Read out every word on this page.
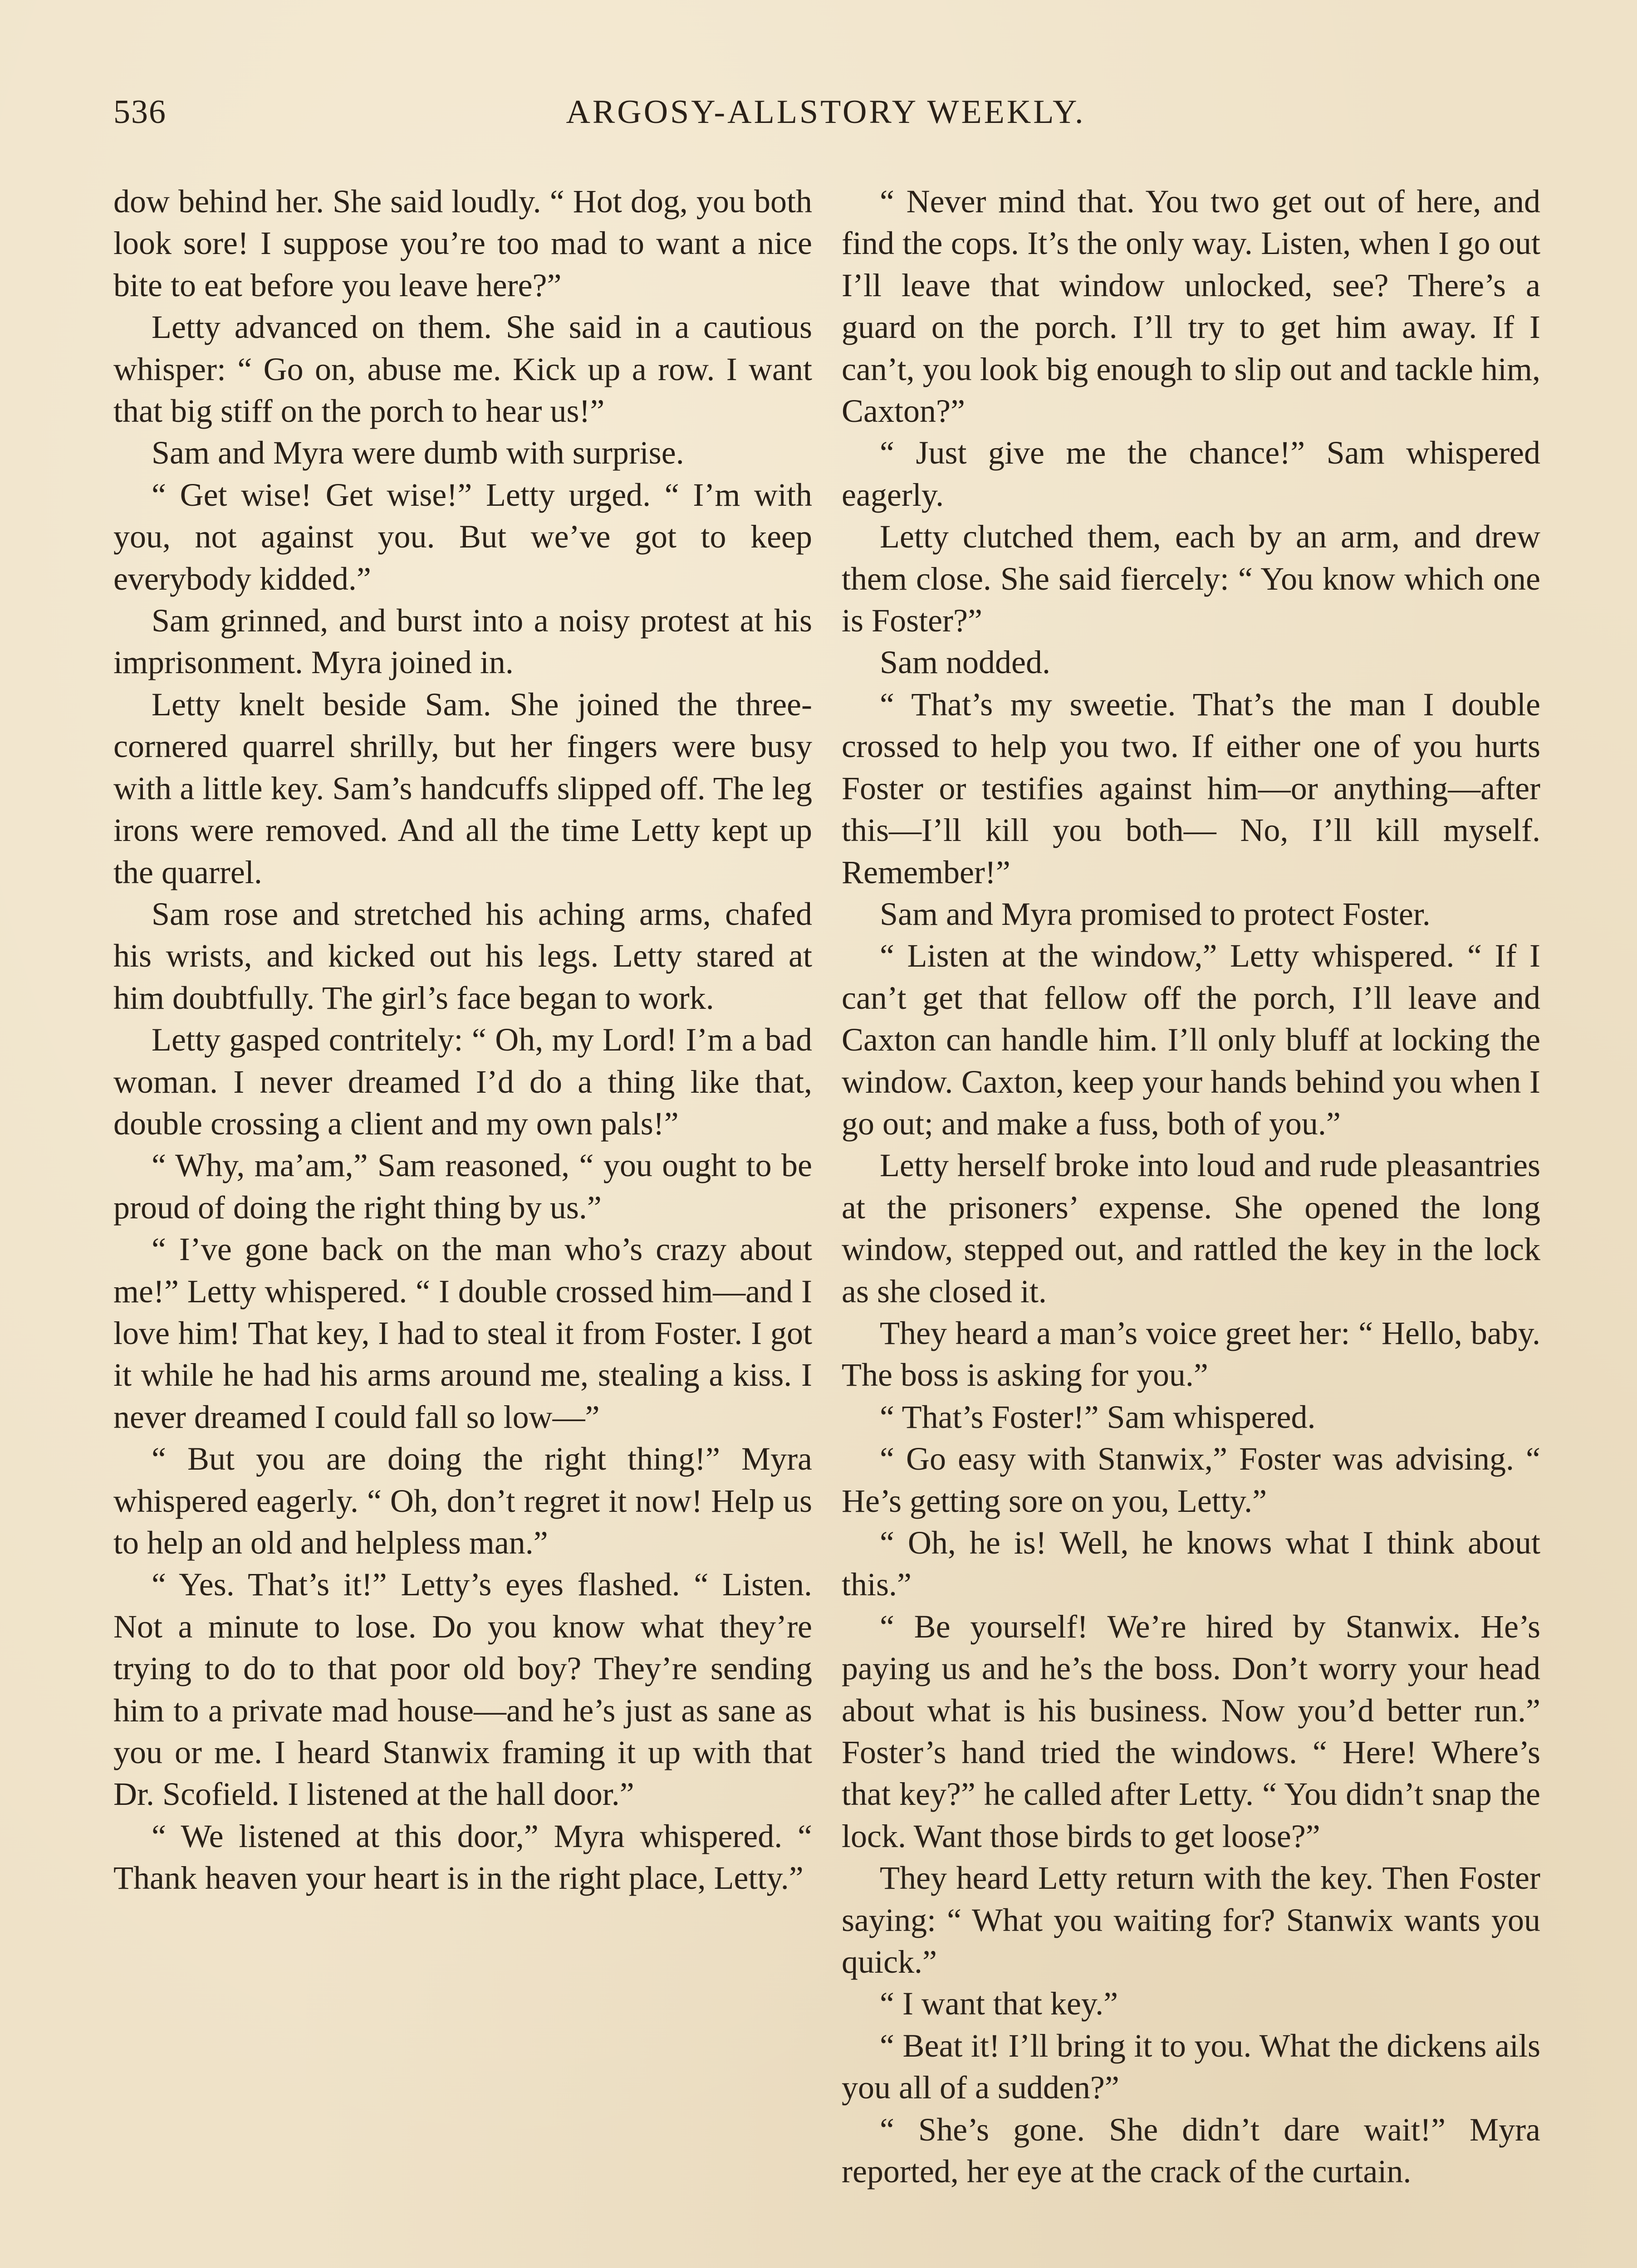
536	ARGOSY-ALLSTORY WEEKLY.

dow behind her. She said loudly. “ Hot dog, you both look sore! I suppose you’re too mad to want a nice bite to eat before you leave here?”

Letty advanced on them. She said in a cautious whisper: “ Go on, abuse me. Kick up a row. I want that big stiff on the porch to hear us!”

Sam and Myra were dumb with surprise.

“ Get wise! Get wise!” Letty urged. “ I’m with you, not against you. But we’ve got to keep everybody kidded.”

Sam grinned, and burst into a noisy protest at his imprisonment. Myra joined in.

Letty knelt beside Sam. She joined the three-cornered quarrel shrilly, but her fingers were busy with a little key. Sam’s handcuffs slipped off. The leg irons were removed. And all the time Letty kept up the quarrel.

Sam rose and stretched his aching arms, chafed his wrists, and kicked out his legs. Letty stared at him doubtfully. The girl’s face began to work.

Letty gasped contritely: “ Oh, my Lord! I’m a bad woman. I never dreamed I’d do a thing like that, double crossing a client and my own pals!”

“ Why, ma’am,” Sam reasoned, “ you ought to be proud of doing the right thing by us.”

“ I’ve gone back on the man who’s crazy about me!” Letty whispered. “ I double crossed him—and I love him! That key, I had to steal it from Foster. I got it while he had his arms around me, stealing a kiss. I never dreamed I could fall so low—”

“ But you are doing the right thing!” Myra whispered eagerly. “ Oh, don’t regret it now! Help us to help an old and helpless man.”

“ Yes. That’s it!” Letty’s eyes flashed. “ Listen. Not a minute to lose. Do you know what they’re trying to do to that poor old boy? They’re sending him to a private mad house—and he’s just as sane as you or me. I heard Stanwix framing it up with that Dr. Scofield. I listened at the hall door.”

“ We listened at this door,” Myra whispered. “ Thank heaven your heart is in the right place, Letty.”

“ Never mind that. You two get out of here, and find the cops. It’s the only way. Listen, when I go out I’ll leave that window unlocked, see? There’s a guard on the porch. I’ll try to get him away. If I can’t, you look big enough to slip out and tackle him, Caxton?”

“ Just give me the chance!” Sam whispered eagerly.

Letty clutched them, each by an arm, and drew them close. She said fiercely: “ You know which one is Foster?”

Sam nodded.

“ That’s my sweetie. That’s the man I double crossed to help you two. If either one of you hurts Foster or testifies against him—or anything—after this—I’ll kill you both— No, I’ll kill myself. Remember!”

Sam and Myra promised to protect Foster.

“ Listen at the window,” Letty whispered. “ If I can’t get that fellow off the porch, I’ll leave and Caxton can handle him. I’ll only bluff at locking the window. Caxton, keep your hands behind you when I go out; and make a fuss, both of you.”

Letty herself broke into loud and rude pleasantries at the prisoners’ expense. She opened the long window, stepped out, and rattled the key in the lock as she closed it.

They heard a man’s voice greet her: “ Hello, baby. The boss is asking for you.”

“ That’s Foster!” Sam whispered.

“ Go easy with Stanwix,” Foster was advising. “ He’s getting sore on you, Letty.”

“ Oh, he is! Well, he knows what I think about this.”

“ Be yourself! We’re hired by Stanwix. He’s paying us and he’s the boss. Don’t worry your head about what is his business. Now you’d better run.” Foster’s hand tried the windows. “ Here! Where’s that key?” he called after Letty. “ You didn’t snap the lock. Want those birds to get loose?”

They heard Letty return with the key. Then Foster saying: “ What you waiting for? Stanwix wants you quick.”

“ I want that key.”

“ Beat it! I’ll bring it to you. What the dickens ails you all of a sudden?”

“ She’s gone. She didn’t dare wait!” Myra reported, her eye at the crack of the curtain.
